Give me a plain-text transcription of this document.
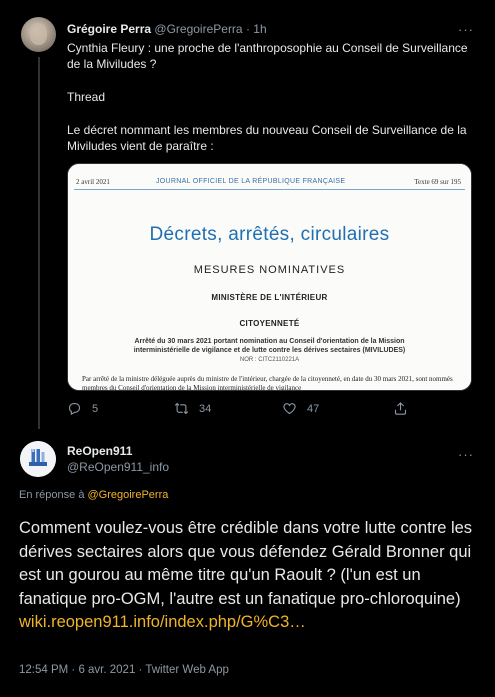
Grégoire Perra @GregoirePerra · 1h	···

Cynthia Fleury : une proche de l'anthroposophie au Conseil de Surveillance de la Miviludes ?

Thread

Le décret nommant les membres du nouveau Conseil de Surveillance de la Miviludes vient de paraître :

2 avril 2021	JOURNAL OFFICIEL DE LA RÉPUBLIQUE FRANÇAISE	Texte 69 sur 195
Décrets, arrêtés, circulaires
MESURES NOMINATIVES
MINISTÈRE DE L'INTÉRIEUR
CITOYENNETÉ
Arrêté du 30 mars 2021 portant nomination au Conseil d'orientation de la Mission interministérielle de vigilance et de lutte contre les dérives sectaires (MIVILUDES)
NOR : CITC2110221A
Par arrêté de la ministre déléguée auprès du ministre de l'intérieur, chargée de la citoyenneté, en date du 30 mars 2021, sont nommés membres du Conseil d'orientation de la Mission interministérielle de vigilance
5	34	47
ReOpen911
@ReOpen911_info
···
En réponse à @GregoirePerra
Comment voulez-vous être crédible dans votre lutte contre les dérives sectaires alors que vous défendez Gérald Bronner qui est un gourou au même titre qu'un Raoult ? (l'un est un fanatique pro-OGM, l'autre est un fanatique pro-chloroquine) wiki.reopen911.info/index.php/G%C3…
12:54 PM · 6 avr. 2021 · Twitter Web App
